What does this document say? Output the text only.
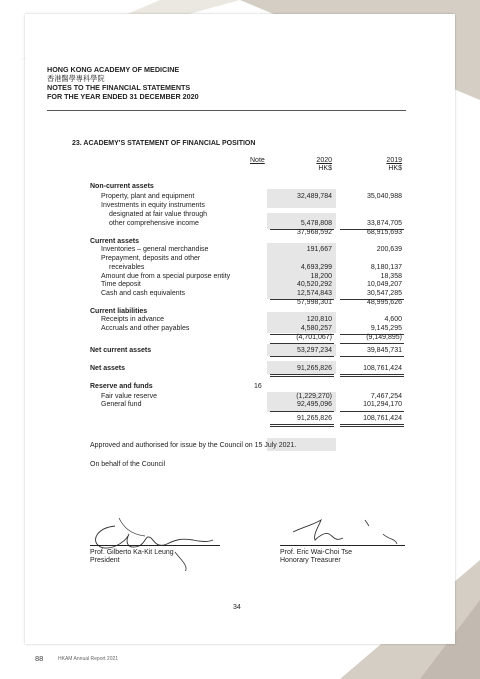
HONG KONG ACADEMY OF MEDICINE
香港醫學專科學院
NOTES TO THE FINANCIAL STATEMENTS
FOR THE YEAR ENDED 31 DECEMBER 2020
23. ACADEMY'S STATEMENT OF FINANCIAL POSITION
Note	2020	2019
HK$	HK$
Non-current assets
Property, plant and equipment	32,489,784	35,040,988
Investments in equity instruments
designated at fair value through
other comprehensive income	5,478,808	33,874,705
37,968,592	68,915,693
Current assets
Inventories – general merchandise	191,667	200,639
Prepayment, deposits and other
receivables	4,693,299	8,180,137
Amount due from a special purpose entity	18,200	18,358
Time deposit	40,520,292	10,049,207
Cash and cash equivalents	12,574,843	30,547,285
57,998,301	48,995,626
Current liabilities
Receipts in advance	120,810	4,600
Accruals and other payables	4,580,257	9,145,295
(4,701,067)	(9,149,895)
Net current assets	53,297,234	39,845,731
Net assets	91,265,826	108,761,424
Reserve and funds	16
Fair value reserve	(1,229,270)	7,467,254
General fund	92,495,096	101,294,170
91,265,826	108,761,424
Approved and authorised for issue by the Council on 15 July 2021.
On behalf of the Council
Prof. Gilberto Ka-Kit Leung
President
Prof. Eric Wai-Choi Tse
Honorary Treasurer
34
88	HKAM Annual Report 2021
